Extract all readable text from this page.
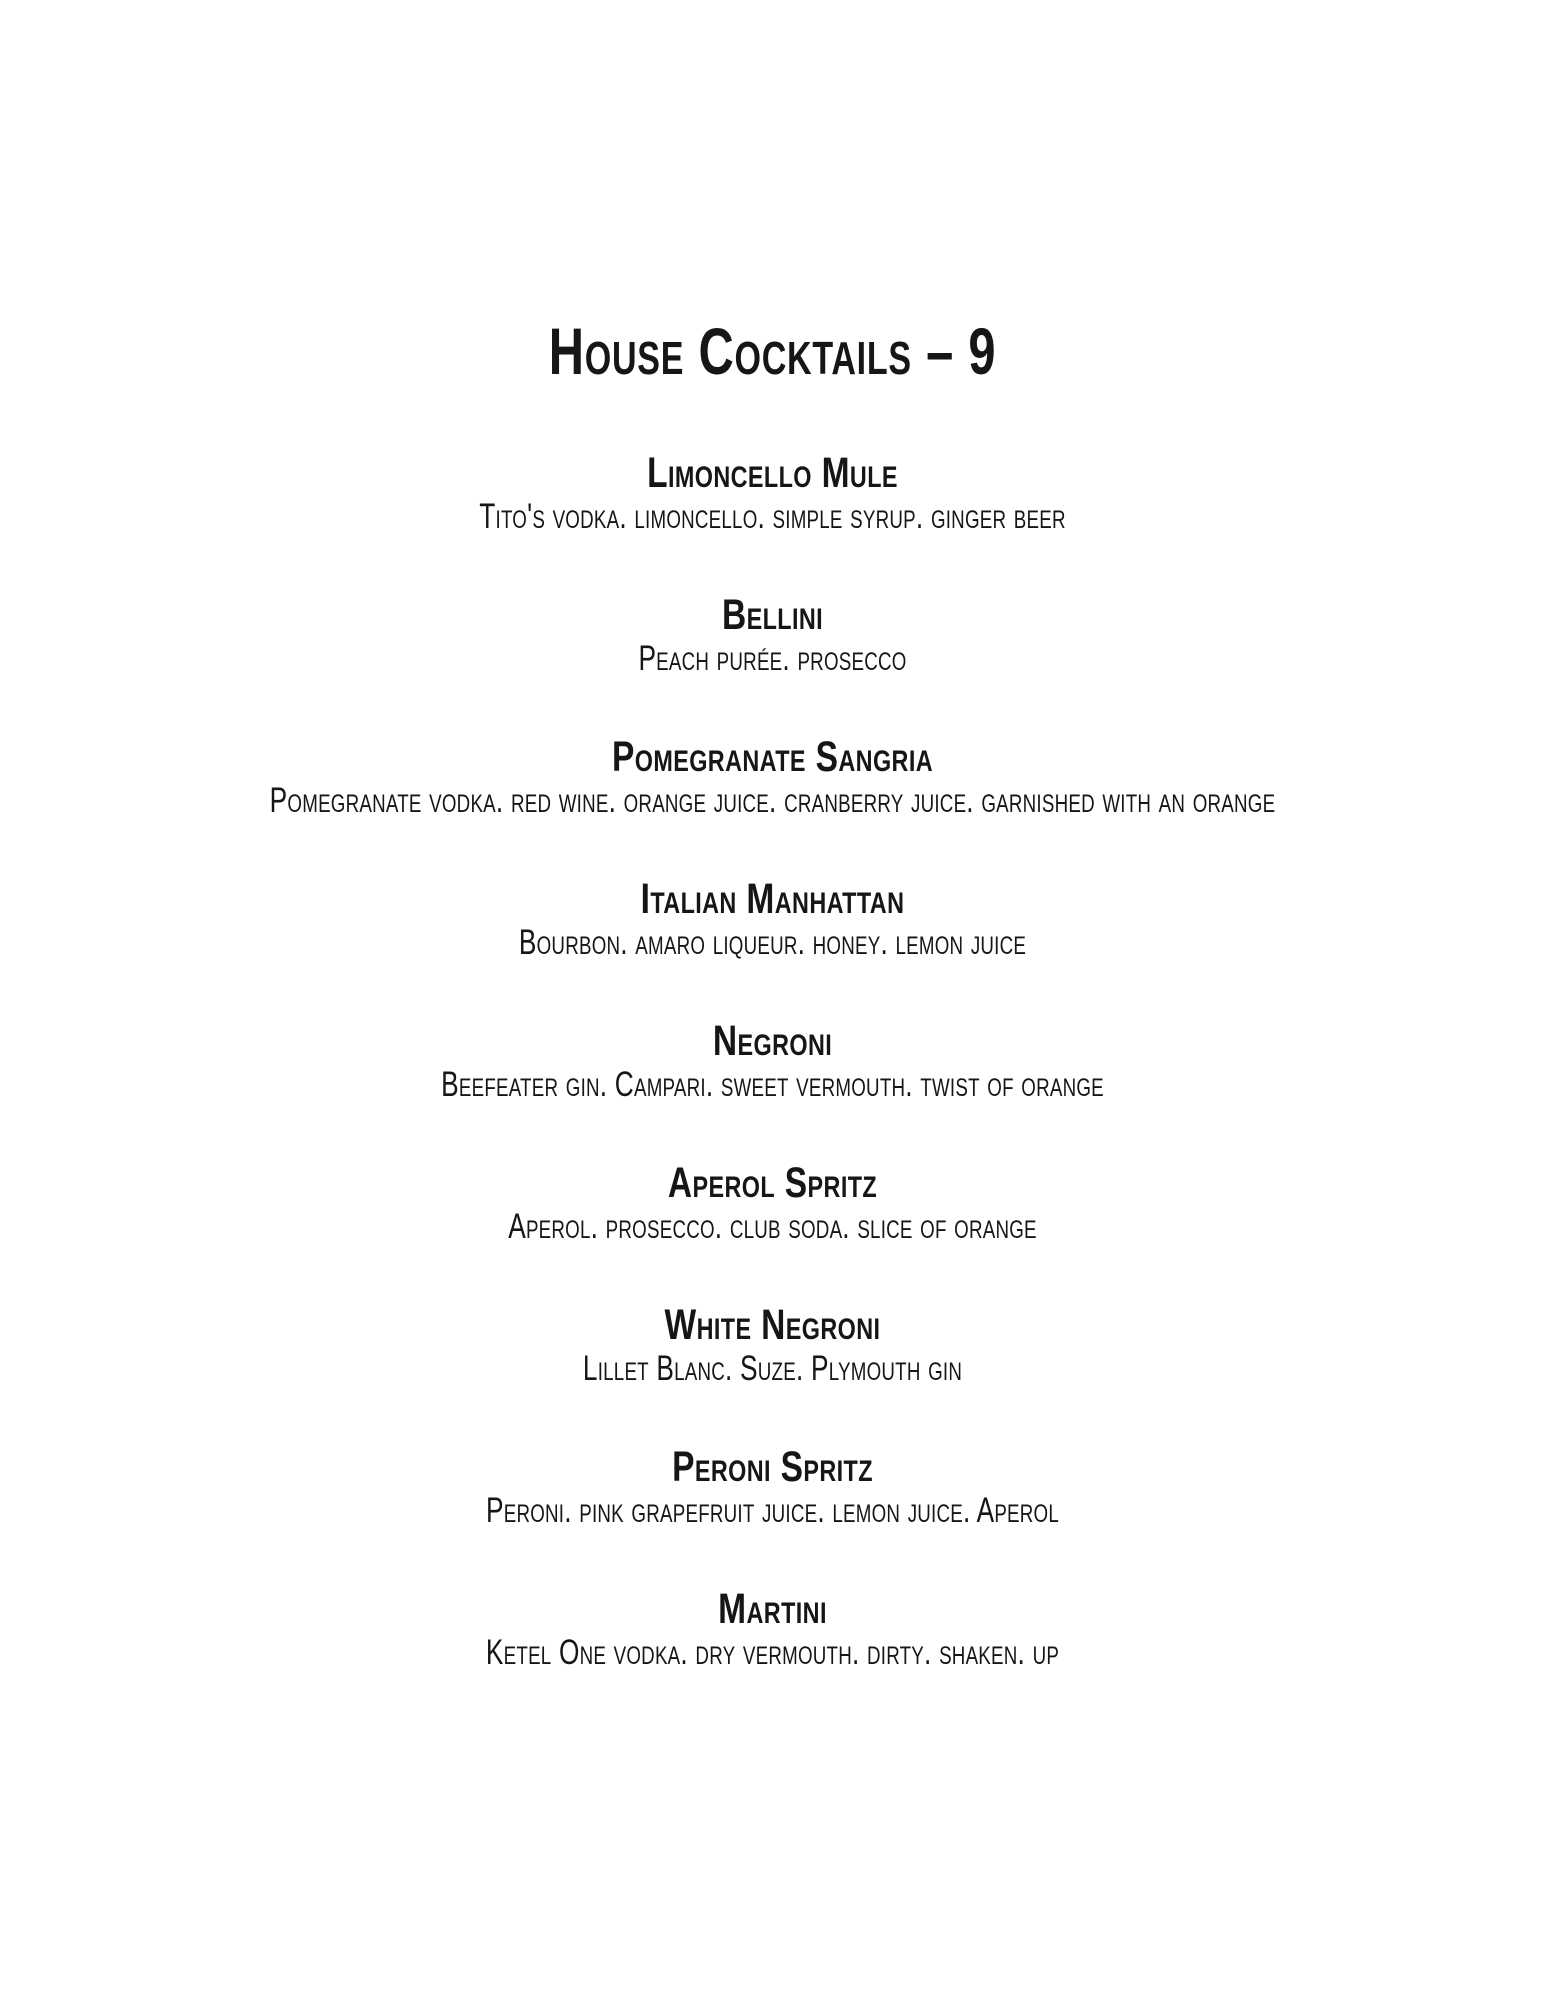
House Cocktails – 9
Limoncello Mule
Tito's vodka. limoncello. simple syrup. ginger beer
Bellini
Peach purée. prosecco
Pomegranate Sangria
Pomegranate vodka. red wine. orange juice. cranberry juice. garnished with an orange
Italian Manhattan
Bourbon. amaro liqueur. honey. lemon juice
Negroni
Beefeater gin. Campari. sweet vermouth. twist of orange
Aperol Spritz
Aperol. prosecco. club soda. slice of orange
White Negroni
Lillet Blanc. Suze. Plymouth gin
Peroni Spritz
Peroni. pink grapefruit juice. lemon juice. Aperol
Martini
Ketel One vodka. dry vermouth. dirty. shaken. up
